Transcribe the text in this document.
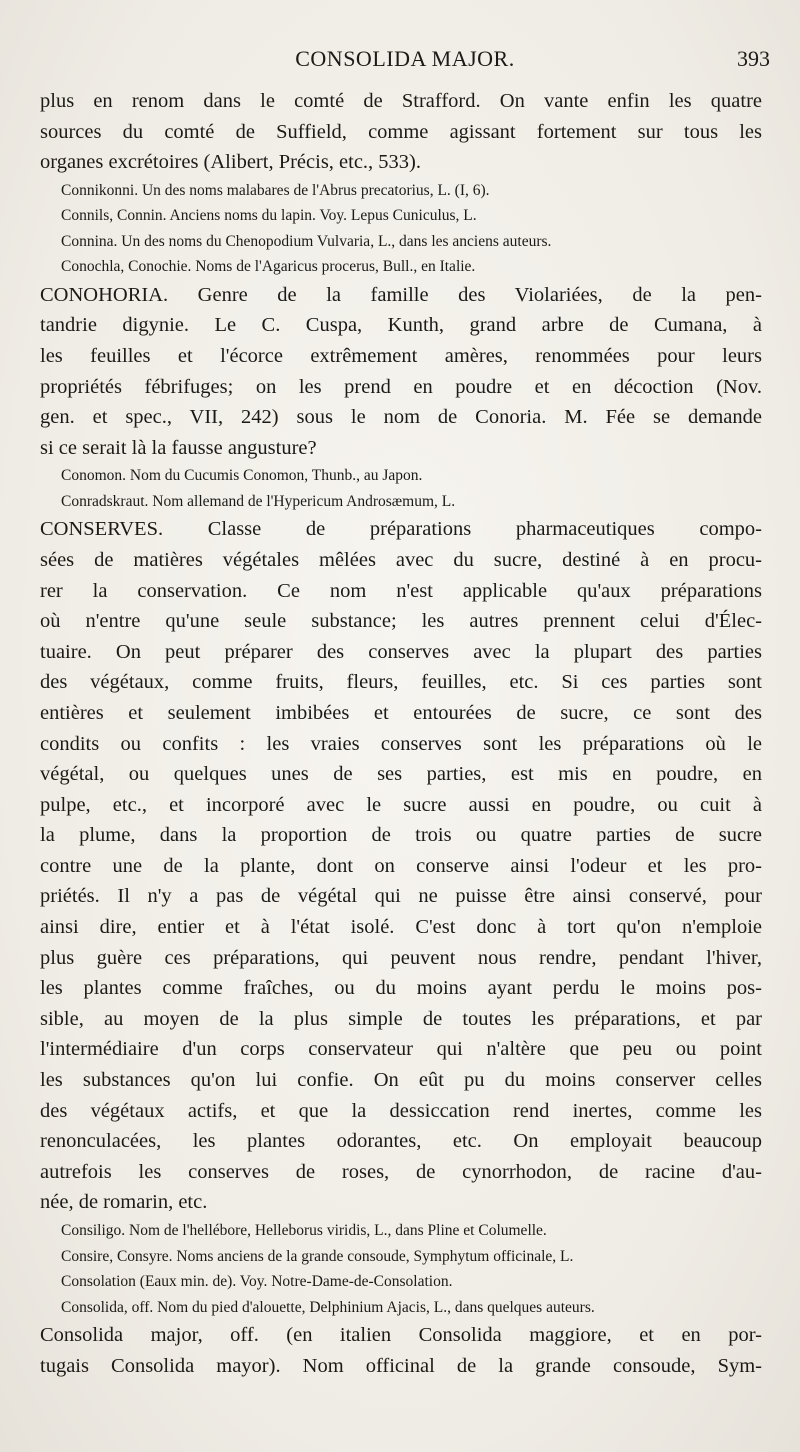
CONSOLIDA MAJOR.	393
plus en renom dans le comté de Strafford. On vante enfin les quatre
sources du comté de Suffield, comme agissant fortement sur tous les
organes excrétoires (Alibert, Précis, etc., 533).
Connikonni. Un des noms malabares de l'Abrus precatorius, L. (I, 6).
Connils, Connin. Anciens noms du lapin. Voy. Lepus Cuniculus, L.
Connina. Un des noms du Chenopodium Vulvaria, L., dans les anciens auteurs.
Conochla, Conochie. Noms de l'Agaricus procerus, Bull., en Italie.
CONOHORIA. Genre de la famille des Violariées, de la pen-
tandrie digynie. Le C. Cuspa, Kunth, grand arbre de Cumana, à
les feuilles et l'écorce extrêmement amères, renommées pour leurs
propriétés fébrifuges; on les prend en poudre et en décoction (Nov.
gen. et spec., VII, 242) sous le nom de Conoria. M. Fée se demande
si ce serait là la fausse angusture?
Conomon. Nom du Cucumis Conomon, Thunb., au Japon.
Conradskraut. Nom allemand de l'Hypericum Androsæmum, L.
CONSERVES. Classe de préparations pharmaceutiques compo-
sées de matières végétales mêlées avec du sucre, destiné à en procu-
rer la conservation. Ce nom n'est applicable qu'aux préparations
où n'entre qu'une seule substance; les autres prennent celui d'Élec-
tuaire. On peut préparer des conserves avec la plupart des parties
des végétaux, comme fruits, fleurs, feuilles, etc. Si ces parties sont
entières et seulement imbibées et entourées de sucre, ce sont des
condits ou confits : les vraies conserves sont les préparations où le
végétal, ou quelques unes de ses parties, est mis en poudre, en
pulpe, etc., et incorporé avec le sucre aussi en poudre, ou cuit à
la plume, dans la proportion de trois ou quatre parties de sucre
contre une de la plante, dont on conserve ainsi l'odeur et les pro-
priétés. Il n'y a pas de végétal qui ne puisse être ainsi conservé, pour
ainsi dire, entier et à l'état isolé. C'est donc à tort qu'on n'emploie
plus guère ces préparations, qui peuvent nous rendre, pendant l'hiver,
les plantes comme fraîches, ou du moins ayant perdu le moins pos-
sible, au moyen de la plus simple de toutes les préparations, et par
l'intermédiaire d'un corps conservateur qui n'altère que peu ou point
les substances qu'on lui confie. On eût pu du moins conserver celles
des végétaux actifs, et que la dessiccation rend inertes, comme les
renonculacées, les plantes odorantes, etc. On employait beaucoup
autrefois les conserves de roses, de cynorrhodon, de racine d'au-
née, de romarin, etc.
Consiligo. Nom de l'hellébore, Helleborus viridis, L., dans Pline et Columelle.
Consire, Consyre. Noms anciens de la grande consoude, Symphytum officinale, L.
Consolation (Eaux min. de). Voy. Notre-Dame-de-Consolation.
Consolida, off. Nom du pied d'alouette, Delphinium Ajacis, L., dans quelques auteurs.
Consolida major, off. (en italien Consolida maggiore, et en por-
tugais Consolida mayor). Nom officinal de la grande consoude, Sym-
